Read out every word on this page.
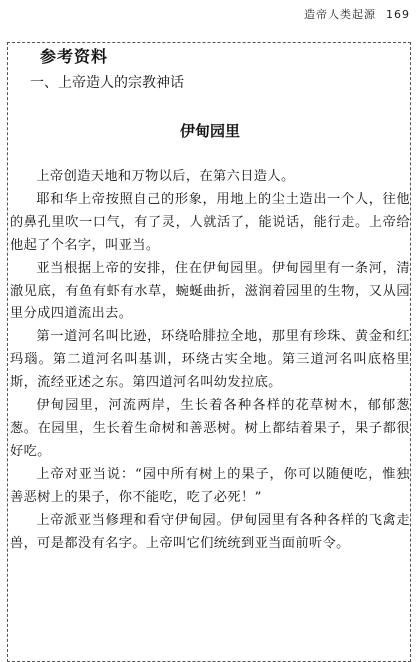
造帝人类起源 169
参考资料
一、上帝造人的宗教神话
伊甸园里

上帝创造天地和万物以后，在第六日造人。

耶和华上帝按照自己的形象，用地上的尘土造出一个人，往他的鼻孔里吹一口气，有了灵，人就活了，能说话，能行走。上帝给他起了个名字，叫亚当。

亚当根据上帝的安排，住在伊甸园里。伊甸园里有一条河，清澈见底，有鱼有虾有水草，蜿蜒曲折，滋润着园里的生物，又从园里分成四道流出去。

第一道河名叫比逊，环绕哈腓拉全地，那里有珍珠、黄金和红玛瑙。第二道河名叫基训，环绕古实全地。第三道河名叫底格里斯，流经亚述之东。第四道河名叫幼发拉底。

伊甸园里，河流两岸，生长着各种各样的花草树木，郁郁葱葱。在园里，生长着生命树和善恶树。树上都结着果子，果子都很好吃。

上帝对亚当说：“园中所有树上的果子，你可以随便吃，惟独善恶树上的果子，你不能吃，吃了必死！”

上帝派亚当修理和看守伊甸园。伊甸园里有各种各样的飞禽走兽，可是都没有名字。上帝叫它们统统到亚当面前听令。
